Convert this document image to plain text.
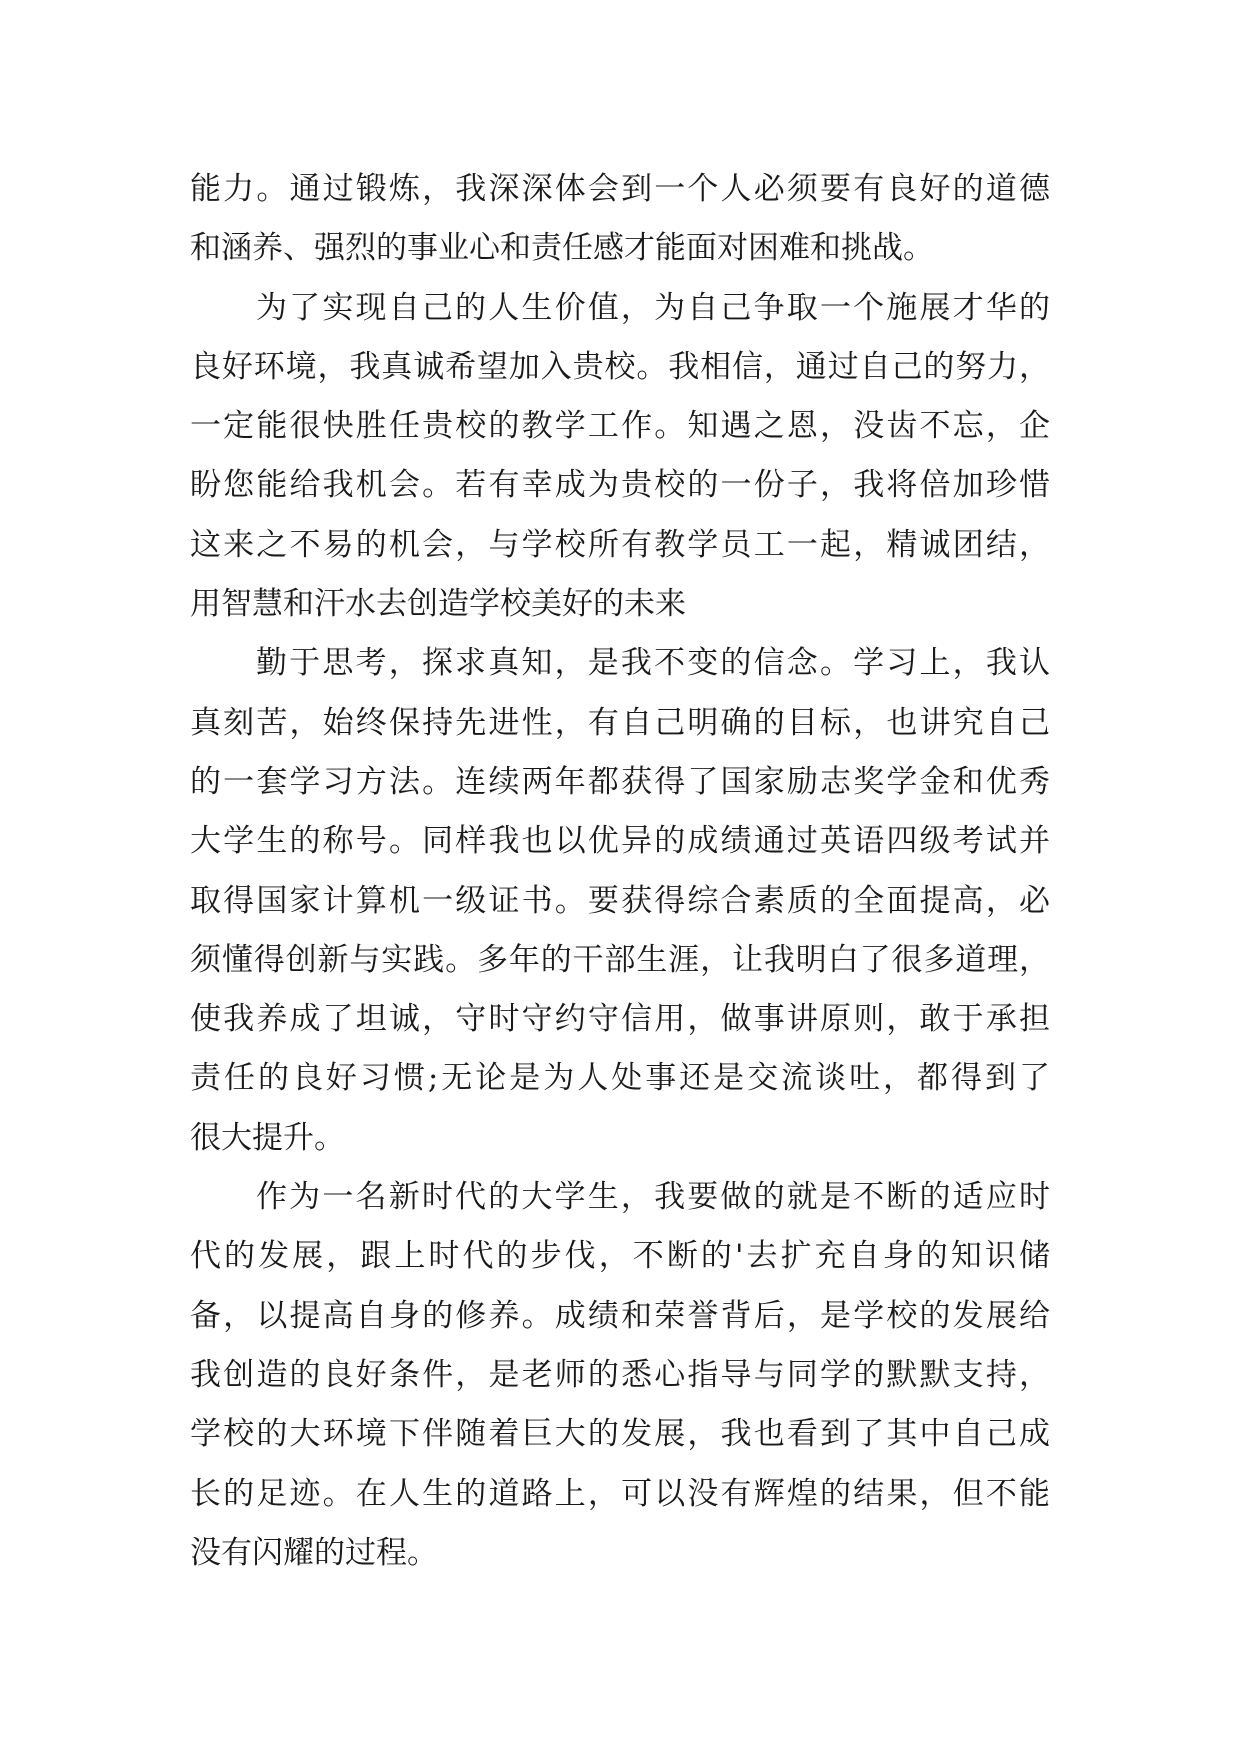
能力。通过锻炼，我深深体会到一个人必须要有良好的道德
和涵养、强烈的事业心和责任感才能面对困难和挑战。
为了实现自己的人生价值，为自己争取一个施展才华的
良好环境，我真诚希望加入贵校。我相信，通过自己的努力，
一定能很快胜任贵校的教学工作。知遇之恩，没齿不忘，企
盼您能给我机会。若有幸成为贵校的一份子，我将倍加珍惜
这来之不易的机会，与学校所有教学员工一起，精诚团结，
用智慧和汗水去创造学校美好的未来
勤于思考，探求真知，是我不变的信念。学习上，我认
真刻苦，始终保持先进性，有自己明确的目标，也讲究自己
的一套学习方法。连续两年都获得了国家励志奖学金和优秀
大学生的称号。同样我也以优异的成绩通过英语四级考试并
取得国家计算机一级证书。要获得综合素质的全面提高，必
须懂得创新与实践。多年的干部生涯，让我明白了很多道理，
使我养成了坦诚，守时守约守信用，做事讲原则，敢于承担
责任的良好习惯;无论是为人处事还是交流谈吐，都得到了
很大提升。
作为一名新时代的大学生，我要做的就是不断的适应时
代的发展，跟上时代的步伐，不断的'去扩充自身的知识储
备，以提高自身的修养。成绩和荣誉背后，是学校的发展给
我创造的良好条件，是老师的悉心指导与同学的默默支持，
学校的大环境下伴随着巨大的发展，我也看到了其中自己成
长的足迹。在人生的道路上，可以没有辉煌的结果，但不能
没有闪耀的过程。
